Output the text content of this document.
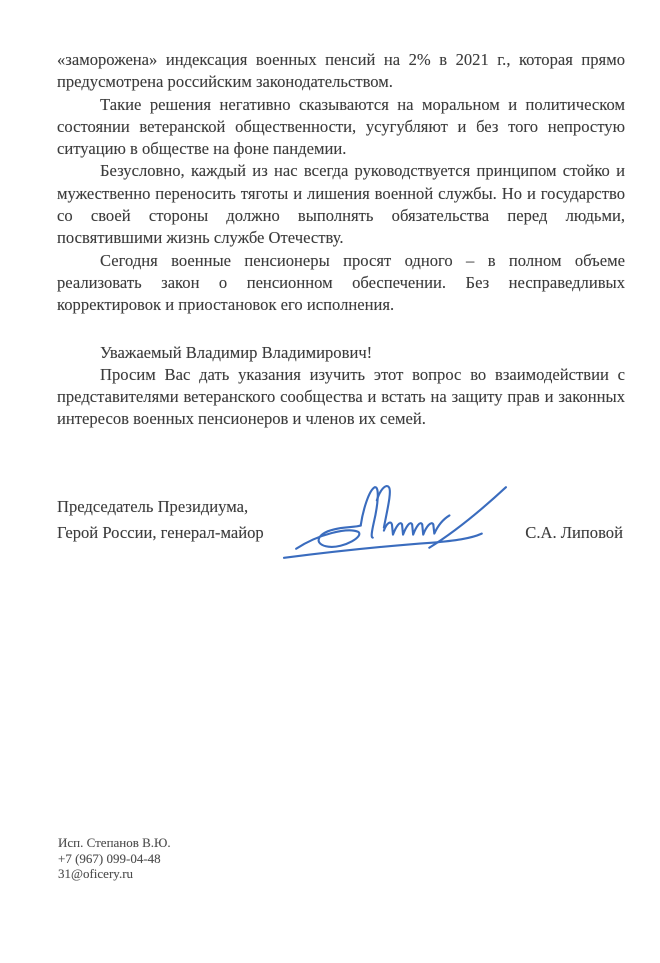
«заморожена» индексация военных пенсий на 2% в 2021 г., которая прямо предусмотрена российским законодательством.

Такие решения негативно сказываются на моральном и политическом состоянии ветеранской общественности, усугубляют и без того непростую ситуацию в обществе на фоне пандемии.

Безусловно, каждый из нас всегда руководствуется принципом стойко и мужественно переносить тяготы и лишения военной службы. Но и государство со своей стороны должно выполнять обязательства перед людьми, посвятившими жизнь службе Отечеству.

Сегодня военные пенсионеры просят одного – в полном объеме реализовать закон о пенсионном обеспечении. Без несправедливых корректировок и приостановок его исполнения.

Уважаемый Владимир Владимирович!

Просим Вас дать указания изучить этот вопрос во взаимодействии с представителями ветеранского сообщества и встать на защиту прав и законных интересов военных пенсионеров и членов их семей.

Председатель Президиума,
Герой России, генерал-майор	С.А. Липовой
Исп. Степанов В.Ю.
+7 (967) 099-04-48
31@oficery.ru
